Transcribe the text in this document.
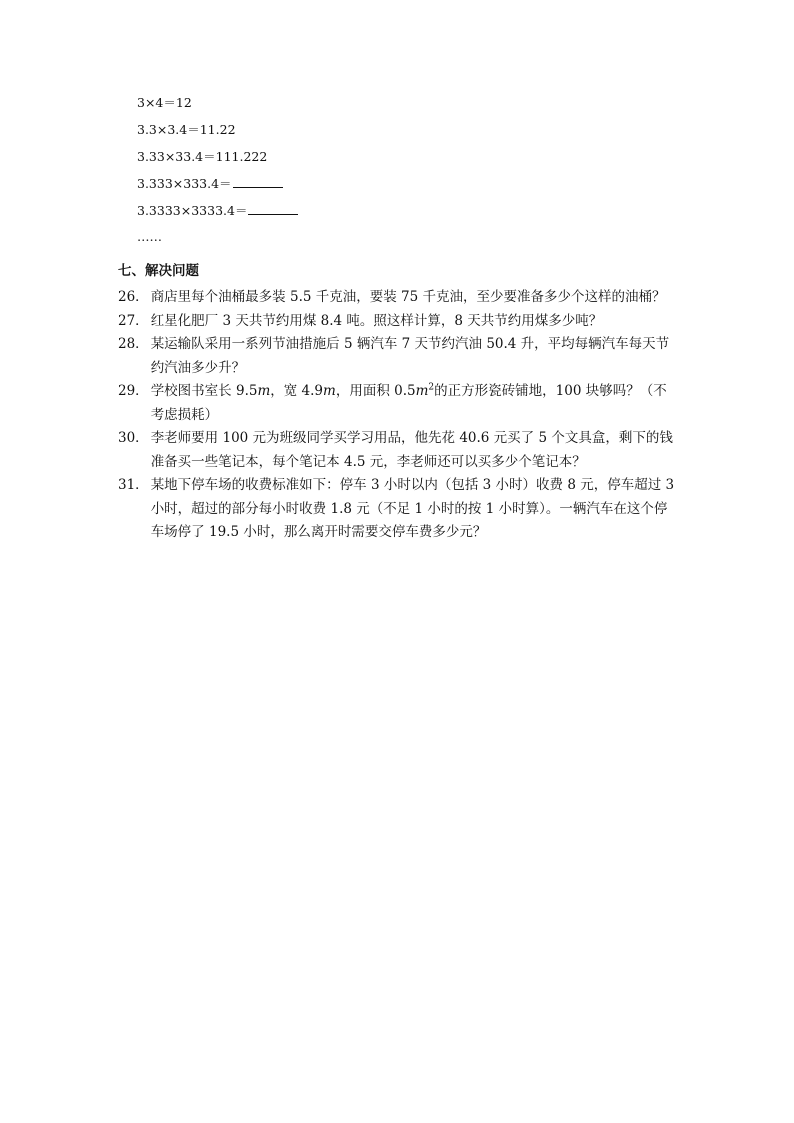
3×4＝12
3.3×3.4＝11.22
3.33×33.4＝111.222
3.333×333.4＝
3.3333×3333.4＝
……
七、解决问题
26． 商店里每个油桶最多装 5.5 千克油，要装 75 千克油，至少要准备多少个这样的油桶？
27． 红星化肥厂 3 天共节约用煤 8.4 吨。照这样计算，8 天共节约用煤多少吨？
28． 某运输队采用一系列节油措施后 5 辆汽车 7 天节约汽油 50.4 升，平均每辆汽车每天节约汽油多少升？
29． 学校图书室长 9.5m，宽 4.9m，用面积 $0.5m^2$的正方形瓷砖铺地，100 块够吗？（不考虑损耗）
30． 李老师要用 100 元为班级同学买学习用品，他先花 40.6 元买了 5 个文具盒，剩下的钱准备买一些笔记本，每个笔记本 4.5 元，李老师还可以买多少个笔记本？
31． 某地下停车场的收费标准如下：停车 3 小时以内（包括 3 小时）收费 8 元，停车超过 3 小时，超过的部分每小时收费 1.8 元（不足 1 小时的按 1 小时算）。一辆汽车在这个停车场停了 19.5 小时，那么离开时需要交停车费多少元？
